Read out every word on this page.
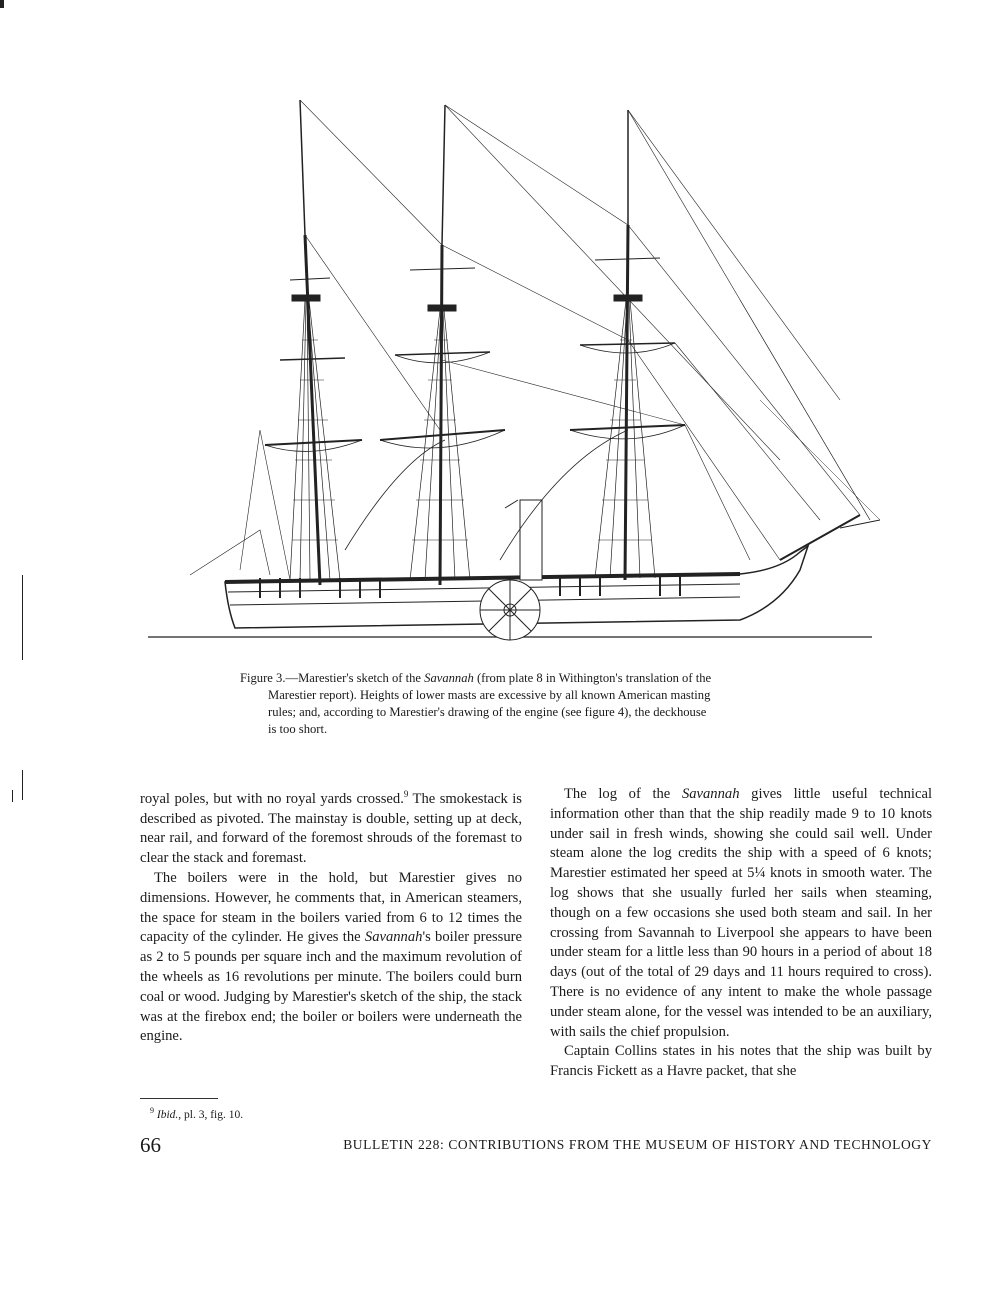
Figure 3.—Marestier's sketch of the Savannah (from plate 8 in Withington's translation of the
Marestier report). Heights of lower masts are excessive by all known American masting
rules; and, according to Marestier's drawing of the engine (see figure 4), the deckhouse
is too short.

royal poles, but with no royal yards crossed.$^9$ The smokestack is described as pivoted. The mainstay is double, setting up at deck, near rail, and forward of the foremost shrouds of the foremast to clear the stack and foremast.

The boilers were in the hold, but Marestier gives no dimensions. However, he comments that, in American steamers, the space for steam in the boilers varied from 6 to 12 times the capacity of the cylinder. He gives the Savannah's boiler pressure as 2 to 5 pounds per square inch and the maximum revolution of the wheels as 16 revolutions per minute. The boilers could burn coal or wood. Judging by Marestier's sketch of the ship, the stack was at the firebox end; the boiler or boilers were underneath the engine.

$^9$ Ibid., pl. 3, fig. 10.

The log of the Savannah gives little useful technical information other than that the ship readily made 9 to 10 knots under sail in fresh winds, showing she could sail well. Under steam alone the log credits the ship with a speed of 6 knots; Marestier estimated her speed at 5¼ knots in smooth water. The log shows that she usually furled her sails when steaming, though on a few occasions she used both steam and sail. In her crossing from Savannah to Liverpool she appears to have been under steam for a little less than 90 hours in a period of about 18 days (out of the total of 29 days and 11 hours required to cross). There is no evidence of any intent to make the whole passage under steam alone, for the vessel was intended to be an auxiliary, with sails the chief propulsion.

Captain Collins states in his notes that the ship was built by Francis Fickett as a Havre packet, that she

66	BULLETIN 228: CONTRIBUTIONS FROM THE MUSEUM OF HISTORY AND TECHNOLOGY
